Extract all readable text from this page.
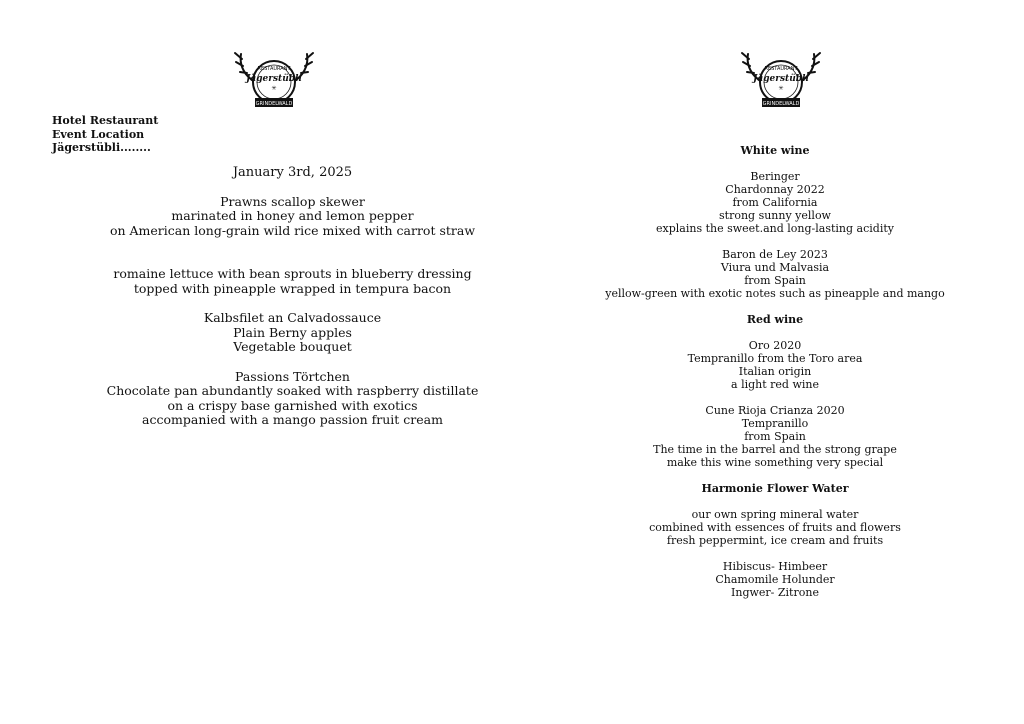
RESTAURANT
Jägerstübli
✳
GRINDELWALD
RESTAURANT
Jägerstübli
✳
GRINDELWALD
Hotel Restaurant
Event Location
Jägerstübli........
January 3rd, 2025
Prawns scallop skewer
marinated in honey and lemon pepper
on American long-grain wild rice mixed with carrot straw
romaine lettuce with bean sprouts in blueberry dressing
topped with pineapple wrapped in tempura bacon
Kalbsfilet an Calvadossauce
Plain Berny apples
Vegetable bouquet
Passions Törtchen
Chocolate pan abundantly soaked with raspberry distillate
on a crispy base garnished with exotics
accompanied with a mango passion fruit cream
White wine
Beringer
Chardonnay 2022
from California
strong sunny yellow
explains the sweet.and long-lasting acidity
Baron de Ley 2023
Viura und Malvasia
from Spain
yellow-green with exotic notes such as pineapple and mango
Red wine
Oro 2020
Tempranillo from the Toro area
Italian origin
a light red wine
Cune Rioja Crianza 2020
Tempranillo
from Spain
The time in the barrel and the strong grape
make this wine something very special
Harmonie Flower Water
our own spring mineral water
combined with essences of fruits and flowers
fresh peppermint, ice cream and fruits
Hibiscus- Himbeer
Chamomile Holunder
Ingwer- Zitrone
